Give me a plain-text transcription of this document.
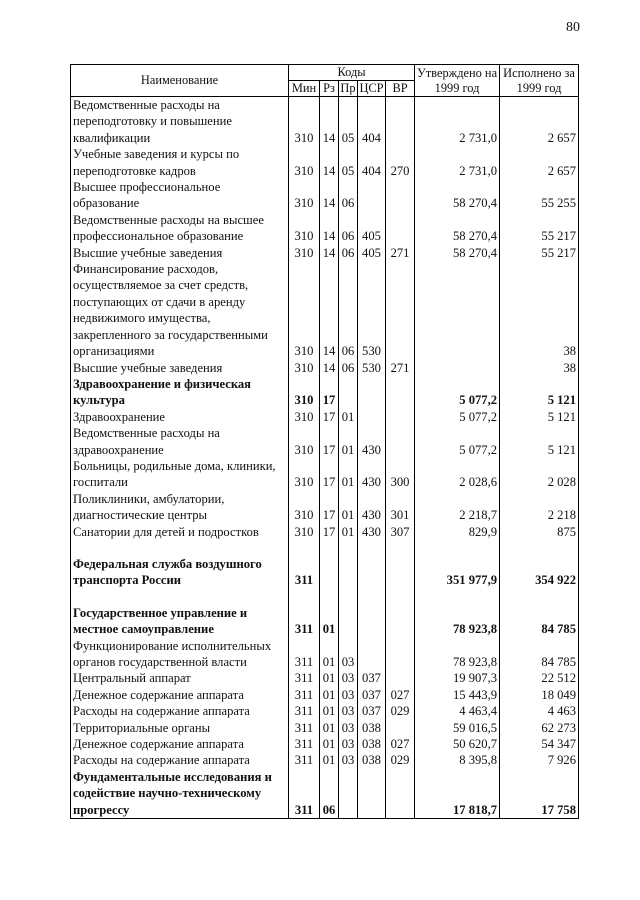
80
Наименование	Коды					Утверждено на 1999 год	Исполнено за 1999 год
	Мин	Рз	Пр	ЦСР	ВР		
Ведомственные расходы на переподготовку и повышение квалификации	310	14	05	404		2 731,0	2 657
Учебные заведения и курсы по переподготовке кадров	310	14	05	404	270	2 731,0	2 657
Высшее профессиональное образование	310	14	06			58 270,4	55 255
Ведомственные расходы на высшее профессиональное образование	310	14	06	405		58 270,4	55 217
Высшие учебные заведения	310	14	06	405	271	58 270,4	55 217
Финансирование расходов, осуществляемое за счет средств, поступающих от сдачи в аренду недвижимого имущества, закрепленного за государственными организациями	310	14	06	530			38
Высшие учебные заведения	310	14	06	530	271		38
Здравоохранение и физическая культура	310	17				5 077,2	5 121
Здравоохранение	310	17	01			5 077,2	5 121
Ведомственные расходы на здравоохранение	310	17	01	430		5 077,2	5 121
Больницы, родильные дома, клиники, госпитали	310	17	01	430	300	2 028,6	2 028
Поликлиники, амбулатории, диагностические центры	310	17	01	430	301	2 218,7	2 218
Санатории для детей и подростков	310	17	01	430	307	829,9	875

Федеральная служба воздушного транспорта России	311					351 977,9	354 922

Государственное управление и местное самоуправление	311	01				78 923,8	84 785
Функционирование исполнительных органов государственной власти	311	01	03			78 923,8	84 785
Центральный аппарат	311	01	03	037		19 907,3	22 512
Денежное содержание аппарата	311	01	03	037	027	15 443,9	18 049
Расходы на содержание аппарата	311	01	03	037	029	4 463,4	4 463
Территориальные органы	311	01	03	038		59 016,5	62 273
Денежное содержание аппарата	311	01	03	038	027	50 620,7	54 347
Расходы на содержание аппарата	311	01	03	038	029	8 395,8	7 926
Фундаментальные исследования и содействие научно-техническому прогрессу	311	06				17 818,7	17 758
